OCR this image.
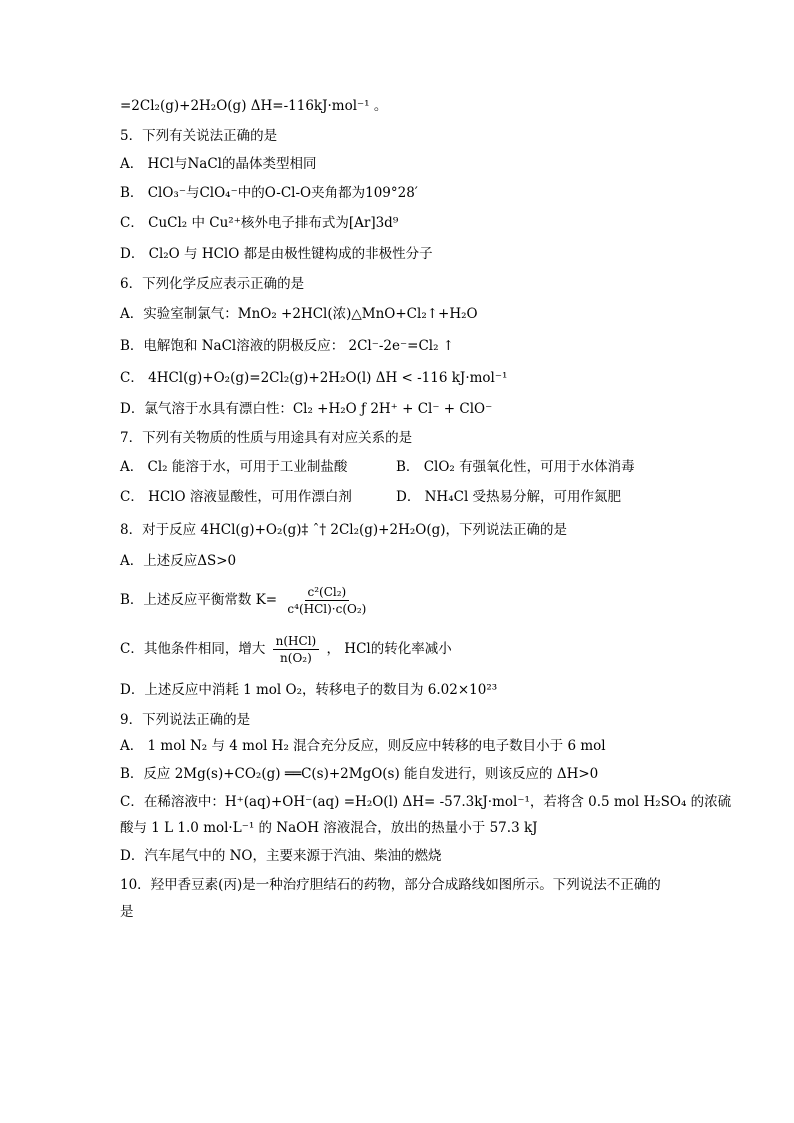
=2Cl₂(g)+2H₂O(g) ΔH=-116kJ·mol⁻¹ 。
5．下列有关说法正确的是
A． HCl与NaCl的晶体类型相同
B． ClO₃⁻与ClO₄⁻中的O-Cl-O夹角都为109°28′
C． CuCl₂ 中 Cu²⁺核外电子排布式为[Ar]3d⁹
D． Cl₂O 与 HClO 都是由极性键构成的非极性分子
6．下列化学反应表示正确的是
A．实验室制氯气：MnO₂ +2HCl(浓)△MnO+Cl₂↑+H₂O
B．电解饱和 NaCl溶液的阴极反应： 2Cl⁻-2e⁻=Cl₂ ↑
C． 4HCl(g)+O₂(g)=2Cl₂(g)+2H₂O(l) ΔH < -116 kJ·mol⁻¹
D．氯气溶于水具有漂白性：Cl₂ +H₂O ƒ 2H⁺ + Cl⁻ + ClO⁻
7．下列有关物质的性质与用途具有对应关系的是
A． Cl₂ 能溶于水，可用于工业制盐酸	B． ClO₂ 有强氧化性，可用于水体消毒
C． HClO 溶液显酸性，可用作漂白剂	D． NH₄Cl 受热易分解，可用作氮肥
8．对于反应 4HCl(g)+O₂(g)‡ ˆ† 2Cl₂(g)+2H₂O(g)，下列说法正确的是
A．上述反应ΔS>0
B．上述反应平衡常数 $K= \frac{\text{c²(Cl₂)}}{\text{c⁴(HCl)·c(O₂)}}$
C．其他条件相同，增大 $\frac{\text{n(HCl)}}{\text{n(O₂)}}$ ， HCl的转化率减小
D．上述反应中消耗 1 mol O₂，转移电子的数目为 6.02×10²³
9．下列说法正确的是
A． 1 mol N₂ 与 4 mol H₂ 混合充分反应，则反应中转移的电子数目小于 6 mol
B．反应 2Mg(s)+CO₂(g) ══C(s)+2MgO(s) 能自发进行，则该反应的 ΔH>0
C．在稀溶液中：H⁺(aq)+OH⁻(aq) =H₂O(l) ΔH= -57.3kJ·mol⁻¹，若将含 0.5 mol H₂SO₄ 的浓硫
酸与 1 L 1.0 mol·L⁻¹ 的 NaOH 溶液混合，放出的热量小于 57.3 kJ
D．汽车尾气中的 NO，主要来源于汽油、柴油的燃烧
10．羟甲香豆素(丙)是一种治疗胆结石的药物，部分合成路线如图所示。下列说法不正确的
是
